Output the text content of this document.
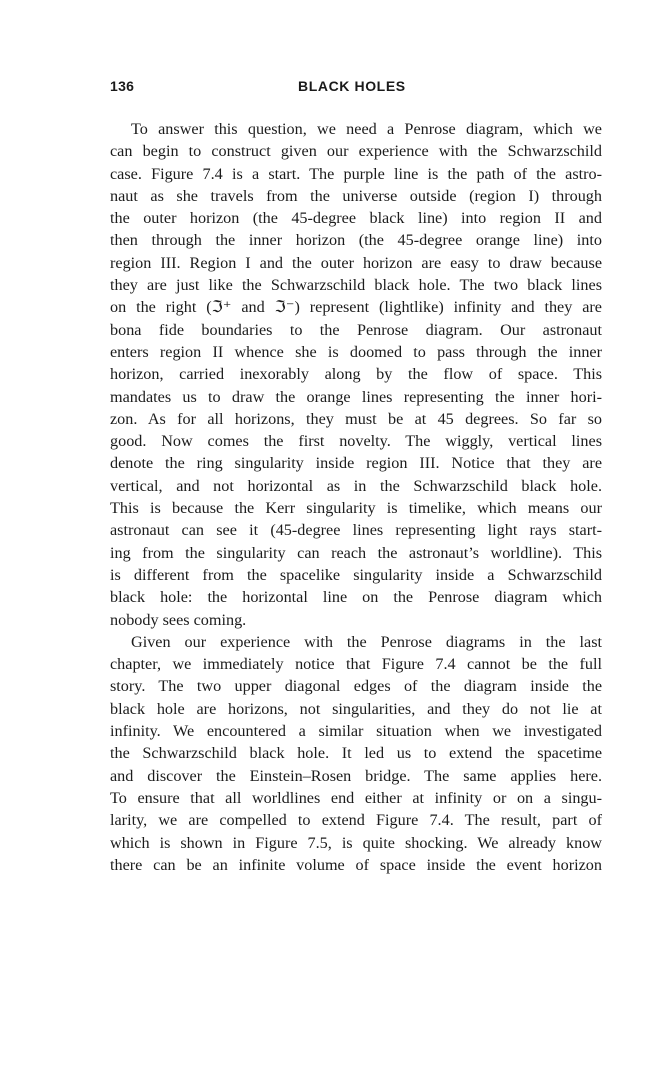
136	BLACK HOLES

To answer this question, we need a Penrose diagram, which we
can begin to construct given our experience with the Schwarzschild
case. Figure 7.4 is a start. The purple line is the path of the astro-
naut as she travels from the universe outside (region I) through
the outer horizon (the 45-degree black line) into region II and
then through the inner horizon (the 45-degree orange line) into
region III. Region I and the outer horizon are easy to draw because
they are just like the Schwarzschild black hole. The two black lines
on the right (ℑ⁺ and ℑ⁻) represent (lightlike) infinity and they are
bona fide boundaries to the Penrose diagram. Our astronaut
enters region II whence she is doomed to pass through the inner
horizon, carried inexorably along by the flow of space. This
mandates us to draw the orange lines representing the inner hori-
zon. As for all horizons, they must be at 45 degrees. So far so
good. Now comes the first novelty. The wiggly, vertical lines
denote the ring singularity inside region III. Notice that they are
vertical, and not horizontal as in the Schwarzschild black hole.
This is because the Kerr singularity is timelike, which means our
astronaut can see it (45-degree lines representing light rays start-
ing from the singularity can reach the astronaut’s worldline). This
is different from the spacelike singularity inside a Schwarzschild
black hole: the horizontal line on the Penrose diagram which
nobody sees coming.

Given our experience with the Penrose diagrams in the last
chapter, we immediately notice that Figure 7.4 cannot be the full
story. The two upper diagonal edges of the diagram inside the
black hole are horizons, not singularities, and they do not lie at
infinity. We encountered a similar situation when we investigated
the Schwarzschild black hole. It led us to extend the spacetime
and discover the Einstein–Rosen bridge. The same applies here.
To ensure that all worldlines end either at infinity or on a singu-
larity, we are compelled to extend Figure 7.4. The result, part of
which is shown in Figure 7.5, is quite shocking. We already know
there can be an infinite volume of space inside the event horizon
